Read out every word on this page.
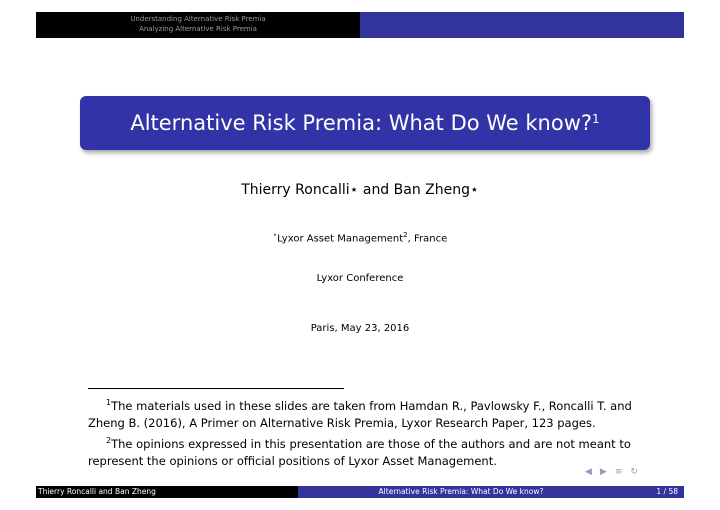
Understanding Alternative Risk Premia
Analyzing Alternative Risk Premia
Alternative Risk Premia: What Do We know?$^1$
Thierry Roncalli⋆ and Ban Zheng⋆
⋆Lyxor Asset Management$^2$, France
Lyxor Conference
Paris, May 23, 2016

$^1$The materials used in these slides are taken from Hamdan R., Pavlowsky F., Roncalli T. and Zheng B. (2016), A Primer on Alternative Risk Premia, Lyxor Research Paper, 123 pages.

$^2$The opinions expressed in this presentation are those of the authors and are not meant to represent the opinions or official positions of Lyxor Asset Management.

◀ ▶ ≡ ↻
Thierry Roncalli and Ban Zheng	Alternative Risk Premia: What Do We know?	1 / 58
